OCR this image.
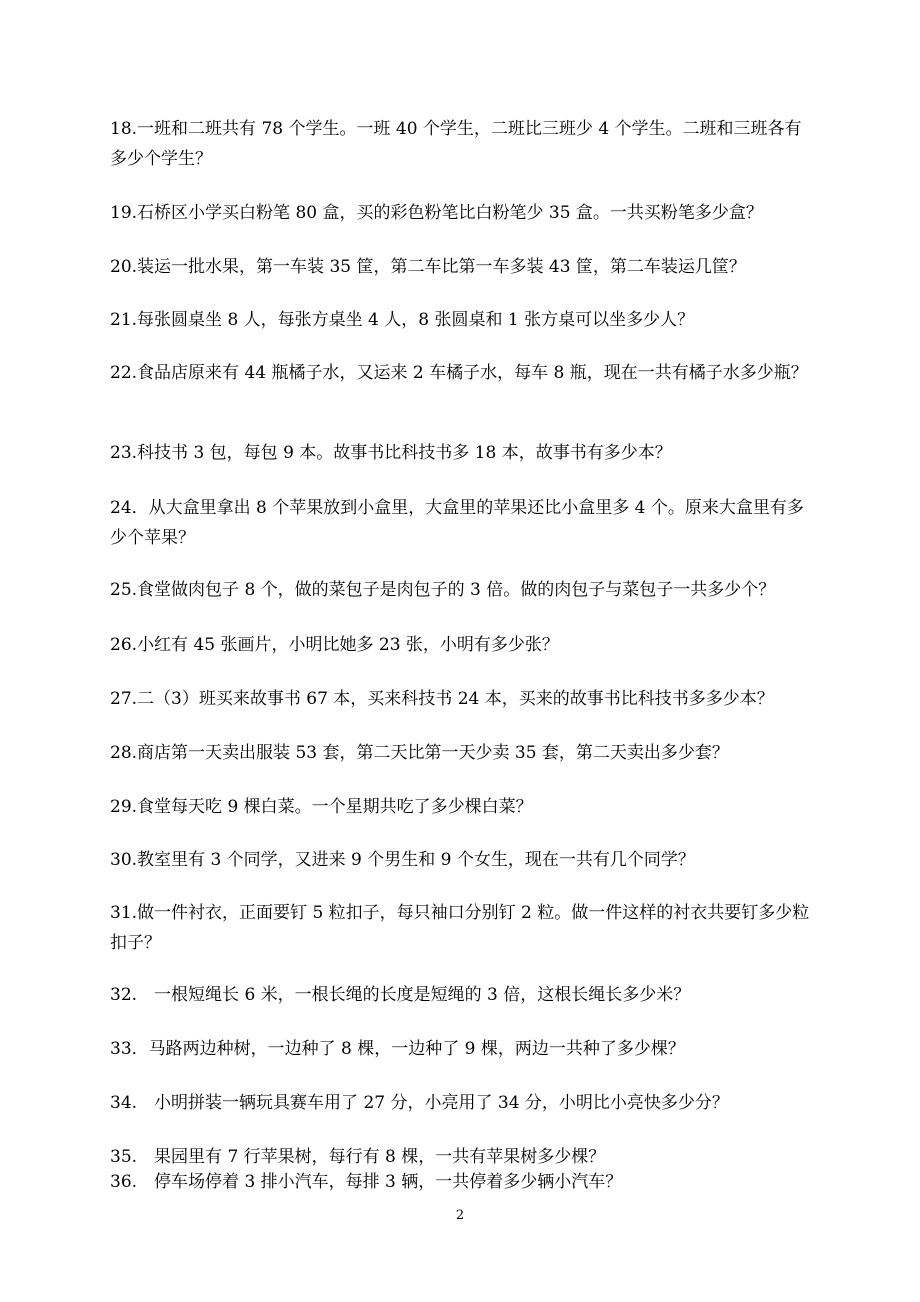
18.一班和二班共有 78 个学生。一班 40 个学生，二班比三班少 4 个学生。二班和三班各有多少个学生？

19.石桥区小学买白粉笔 80 盒，买的彩色粉笔比白粉笔少 35 盒。一共买粉笔多少盒？

20.装运一批水果，第一车装 35 筐，第二车比第一车多装 43 筐，第二车装运几筐？

21.每张圆桌坐 8 人，每张方桌坐 4 人，8 张圆桌和 1 张方桌可以坐多少人？

22.食品店原来有 44 瓶橘子水，又运来 2 车橘子水，每车 8 瓶，现在一共有橘子水多少瓶？

23.科技书 3 包，每包 9 本。故事书比科技书多 18 本，故事书有多少本？

24．从大盒里拿出 8 个苹果放到小盒里，大盒里的苹果还比小盒里多 4 个。原来大盒里有多少个苹果？

25.食堂做肉包子 8 个，做的菜包子是肉包子的 3 倍。做的肉包子与菜包子一共多少个？

26.小红有 45 张画片，小明比她多 23 张，小明有多少张？

27.二（3）班买来故事书 67 本，买来科技书 24 本，买来的故事书比科技书多多少本？

28.商店第一天卖出服装 53 套，第二天比第一天少卖 35 套，第二天卖出多少套？

29.食堂每天吃 9 棵白菜。一个星期共吃了多少棵白菜？

30.教室里有 3 个同学，又进来 9 个男生和 9 个女生，现在一共有几个同学？

31.做一件衬衣，正面要钉 5 粒扣子，每只袖口分别钉 2 粒。做一件这样的衬衣共要钉多少粒扣子？

32.　一根短绳长 6 米，一根长绳的长度是短绳的 3 倍，这根长绳长多少米？

33．马路两边种树，一边种了 8 棵，一边种了 9 棵，两边一共种了多少棵？

34.　小明拼装一辆玩具赛车用了 27 分，小亮用了 34 分，小明比小亮快多少分？

35.　果园里有 7 行苹果树，每行有 8 棵，一共有苹果树多少棵？

36.　停车场停着 3 排小汽车，每排 3 辆，一共停着多少辆小汽车？

2
